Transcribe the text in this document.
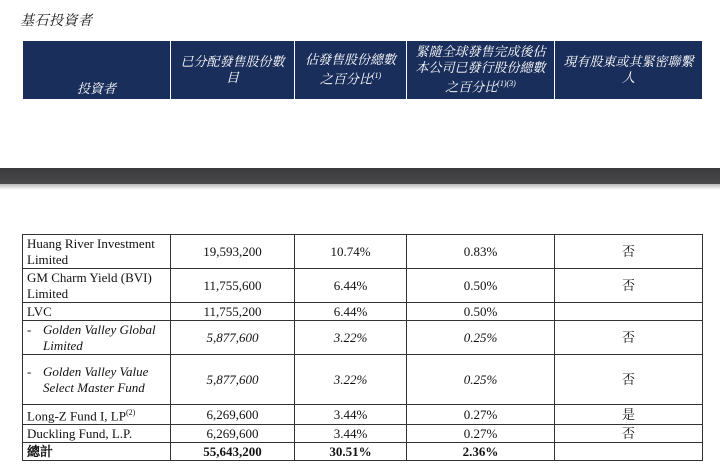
基石投資者
投資者	已分配發售股份數目	佔發售股份總數之百分比$^{(1)}$	緊隨全球發售完成後佔本公司已發行股份總數之百分比$^{(1)(3)}$	現有股東或其緊密聯繫人
Huang River Investment Limited	19,593,200	10.74%	0.83%	否
GM Charm Yield (BVI) Limited	11,755,600	6.44%	0.50%	否
LVC	11,755,200	6.44%	0.50%	

- Golden Valley Global Limited	5,877,600	3.22%	0.25%	否

- Golden Valley Value Select Master Fund	5,877,600	3.22%	0.25%	否
Long-Z Fund I, LP$^{(2)}$	6,269,600	3.44%	0.27%	是
Duckling Fund, L.P.	6,269,600	3.44%	0.27%	否
總計	55,643,200	30.51%	2.36%	
